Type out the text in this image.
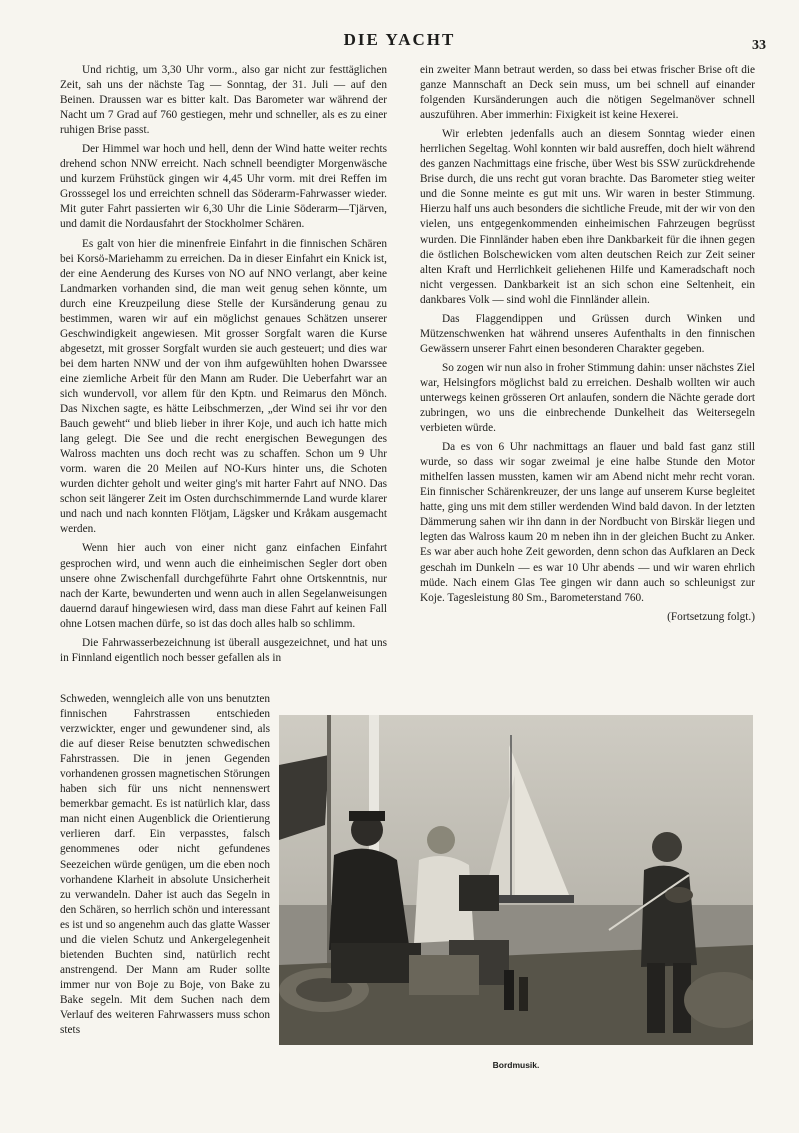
DIE YACHT	33

Und richtig, um 3,30 Uhr vorm., also gar nicht zur festtäglichen Zeit, sah uns der nächste Tag — Sonntag, der 31. Juli — auf den Beinen. Draussen war es bitter kalt. Das Barometer war während der Nacht um 7 Grad auf 760 gestiegen, mehr und schneller, als es zu einer ruhigen Brise passt.

Der Himmel war hoch und hell, denn der Wind hatte weiter rechts drehend schon NNW erreicht. Nach schnell beendigter Morgenwäsche und kurzem Frühstück gingen wir 4,45 Uhr vorm. mit drei Reffen im Grosssegel los und erreichten schnell das Söderarm-Fahrwasser wieder. Mit guter Fahrt passierten wir 6,30 Uhr die Linie Söderarm—Tjärven, und damit die Nordausfahrt der Stockholmer Schären.

Es galt von hier die minenfreie Einfahrt in die finnischen Schären bei Korsö-Mariehamm zu erreichen. Da in dieser Einfahrt ein Knick ist, der eine Aenderung des Kurses von NO auf NNO verlangt, aber keine Landmarken vorhanden sind, die man weit genug sehen könnte, um durch eine Kreuzpeilung diese Stelle der Kursänderung genau zu bestimmen, waren wir auf ein möglichst genaues Schätzen unserer Geschwindigkeit angewiesen. Mit grosser Sorgfalt waren die Kurse abgesetzt, mit grosser Sorgfalt wurden sie auch gesteuert; und dies war bei dem harten NNW und der von ihm aufgewühlten hohen Dwarssee eine ziemliche Arbeit für den Mann am Ruder. Die Ueberfahrt war an sich wundervoll, vor allem für den Kptn. und Reimarus den Mönch. Das Nixchen sagte, es hätte Leibschmerzen, „der Wind sei ihr vor den Bauch geweht“ und blieb lieber in ihrer Koje, und auch ich hatte mich lang gelegt. Die See und die recht energischen Bewegungen des Walross machten uns doch recht was zu schaffen. Schon um 9 Uhr vorm. waren die 20 Meilen auf NO-Kurs hinter uns, die Schoten wurden dichter geholt und weiter ging's mit harter Fahrt auf NNO. Das schon seit längerer Zeit im Osten durchschimmernde Land wurde klarer und nach und nach konnten Flötjam, Lägsker und Kråkam ausgemacht werden.

Wenn hier auch von einer nicht ganz einfachen Einfahrt gesprochen wird, und wenn auch die einheimischen Segler dort oben unsere ohne Zwischenfall durchgeführte Fahrt ohne Ortskenntnis, nur nach der Karte, bewunderten und wenn auch in allen Segelanweisungen dauernd darauf hingewiesen wird, dass man diese Fahrt auf keinen Fall ohne Lotsen machen dürfe, so ist das doch alles halb so schlimm.

Die Fahrwasserbezeichnung ist überall ausgezeichnet, und hat uns in Finnland eigentlich noch besser gefallen als in

Schweden, wenngleich alle von uns benutzten finnischen Fahrstrassen entschieden verzwickter, enger und gewundener sind, als die auf dieser Reise benutzten schwedischen Fahrstrassen. Die in jenen Gegenden vorhandenen grossen magnetischen Störungen haben sich für uns nicht nennenswert bemerkbar gemacht. Es ist natürlich klar, dass man nicht einen Augenblick die Orientierung verlieren darf. Ein verpasstes, falsch genommenes oder nicht gefundenes Seezeichen würde genügen, um die eben noch vorhandene Klarheit in absolute Unsicherheit zu verwandeln. Daher ist auch das Segeln in den Schären, so herrlich schön und interessant es ist und so angenehm auch das glatte Wasser und die vielen Schutz und Ankergelegenheit bietenden Buchten sind, natürlich recht anstrengend. Der Mann am Ruder sollte immer nur von Boje zu Boje, von Bake zu Bake segeln. Mit dem Suchen nach dem Verlauf des weiteren Fahrwassers muss schon stets

ein zweiter Mann betraut werden, so dass bei etwas frischer Brise oft die ganze Mannschaft an Deck sein muss, um bei schnell auf einander folgenden Kursänderungen auch die nötigen Segelmanöver schnell auszuführen. Aber immerhin: Fixigkeit ist keine Hexerei.

Wir erlebten jedenfalls auch an diesem Sonntag wieder einen herrlichen Segeltag. Wohl konnten wir bald ausreffen, doch hielt während des ganzen Nachmittags eine frische, über West bis SSW zurückdrehende Brise durch, die uns recht gut voran brachte. Das Barometer stieg weiter und die Sonne meinte es gut mit uns. Wir waren in bester Stimmung. Hierzu half uns auch besonders die sichtliche Freude, mit der wir von den vielen, uns entgegenkommenden einheimischen Fahrzeugen begrüsst wurden. Die Finnländer haben eben ihre Dankbarkeit für die ihnen gegen die östlichen Bolschewicken vom alten deutschen Reich zur Zeit seiner alten Kraft und Herrlichkeit geliehenen Hilfe und Kameradschaft noch nicht vergessen. Dankbarkeit ist an sich schon eine Seltenheit, ein dankbares Volk — sind wohl die Finnländer allein.

Das Flaggendippen und Grüssen durch Winken und Mützenschwenken hat während unseres Aufenthalts in den finnischen Gewässern unserer Fahrt einen besonderen Charakter gegeben.

So zogen wir nun also in froher Stimmung dahin: unser nächstes Ziel war, Helsingfors möglichst bald zu erreichen. Deshalb wollten wir auch unterwegs keinen grösseren Ort anlaufen, sondern die Nächte gerade dort zubringen, wo uns die einbrechende Dunkelheit das Weitersegeln verbieten würde.

Da es von 6 Uhr nachmittags an flauer und bald fast ganz still wurde, so dass wir sogar zweimal je eine halbe Stunde den Motor mithelfen lassen mussten, kamen wir am Abend nicht mehr recht voran. Ein finnischer Schärenkreuzer, der uns lange auf unserem Kurse begleitet hatte, ging uns mit dem stiller werdenden Wind bald davon. In der letzten Dämmerung sahen wir ihn dann in der Nordbucht von Birskär liegen und legten das Walross kaum 20 m neben ihn in der gleichen Bucht zu Anker. Es war aber auch hohe Zeit geworden, denn schon das Aufklaren an Deck geschah im Dunkeln — es war 10 Uhr abends — und wir waren ehrlich müde. Nach einem Glas Tee gingen wir dann auch so schleunigst zur Koje. Tagesleistung 80 Sm., Barometerstand 760.

(Fortsetzung folgt.)

Bordmusik.
